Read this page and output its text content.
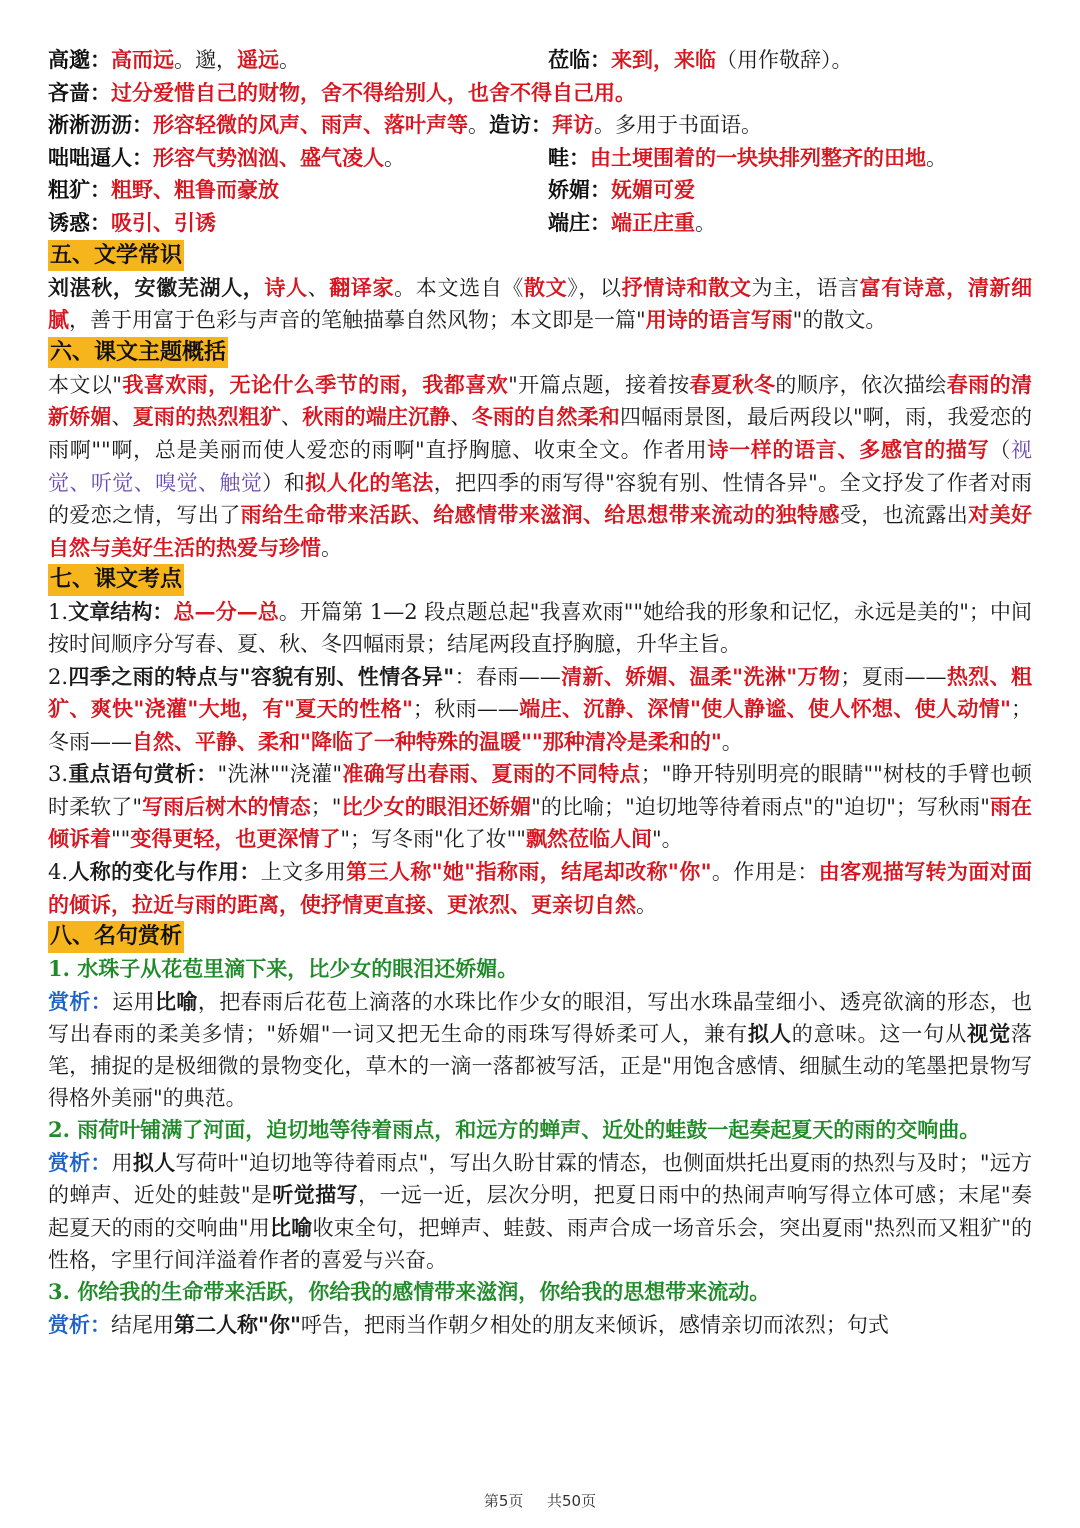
高邈：高而远。邈，遥远。	莅临：来到，来临（用作敬辞）。
吝啬：过分爱惜自己的财物，舍不得给别人，也舍不得自己用。
淅淅沥沥：形容轻微的风声、雨声、落叶声等。造访：拜访。多用于书面语。
咄咄逼人：形容气势汹汹、盛气凌人。	畦：由土埂围着的一块块排列整齐的田地。
粗犷：粗野、粗鲁而豪放	娇媚：妩媚可爱
诱惑：吸引、引诱	端庄：端正庄重。
五、文学常识
刘湛秋，安徽芜湖人，诗人、翻译家。本文选自《散文》，以抒情诗和散文为主，语言富有诗意，清新细腻，善于用富于色彩与声音的笔触描摹自然风物；本文即是一篇"用诗的语言写雨"的散文。
六、课文主题概括
本文以"我喜欢雨，无论什么季节的雨，我都喜欢"开篇点题，接着按春夏秋冬的顺序，依次描绘春雨的清新娇媚、夏雨的热烈粗犷、秋雨的端庄沉静、冬雨的自然柔和四幅雨景图，最后两段以"啊，雨，我爱恋的雨啊""啊，总是美丽而使人爱恋的雨啊"直抒胸臆、收束全文。作者用诗一样的语言、多感官的描写（视觉、听觉、嗅觉、触觉）和拟人化的笔法，把四季的雨写得"容貌有别、性情各异"。全文抒发了作者对雨的爱恋之情，写出了雨给生命带来活跃、给感情带来滋润、给思想带来流动的独特感受，也流露出对美好自然与美好生活的热爱与珍惜。
七、课文考点
1.文章结构：总—分—总。开篇第 1—2 段点题总起"我喜欢雨""她给我的形象和记忆，永远是美的"；中间按时间顺序分写春、夏、秋、冬四幅雨景；结尾两段直抒胸臆，升华主旨。
2.四季之雨的特点与"容貌有别、性情各异"：春雨——清新、娇媚、温柔"洗淋"万物；夏雨——热烈、粗犷、爽快"浇灌"大地，有"夏天的性格"；秋雨——端庄、沉静、深情"使人静谧、使人怀想、使人动情"；冬雨——自然、平静、柔和"降临了一种特殊的温暖""那种清冷是柔和的"。
3.重点语句赏析："洗淋""浇灌"准确写出春雨、夏雨的不同特点；"睁开特别明亮的眼睛""树枝的手臂也顿时柔软了"写雨后树木的情态；"比少女的眼泪还娇媚"的比喻；"迫切地等待着雨点"的"迫切"；写秋雨"雨在倾诉着""变得更轻，也更深情了"；写冬雨"化了妆""飘然莅临人间"。
4.人称的变化与作用：上文多用第三人称"她"指称雨，结尾却改称"你"。作用是：由客观描写转为面对面的倾诉，拉近与雨的距离，使抒情更直接、更浓烈、更亲切自然。
八、名句赏析
1. 水珠子从花苞里滴下来，比少女的眼泪还娇媚。
赏析：运用比喻，把春雨后花苞上滴落的水珠比作少女的眼泪，写出水珠晶莹细小、透亮欲滴的形态，也写出春雨的柔美多情；"娇媚"一词又把无生命的雨珠写得娇柔可人，兼有拟人的意味。这一句从视觉落笔，捕捉的是极细微的景物变化，草木的一滴一落都被写活，正是"用饱含感情、细腻生动的笔墨把景物写得格外美丽"的典范。
2. 雨荷叶铺满了河面，迫切地等待着雨点，和远方的蝉声、近处的蛙鼓一起奏起夏天的雨的交响曲。
赏析：用拟人写荷叶"迫切地等待着雨点"，写出久盼甘霖的情态，也侧面烘托出夏雨的热烈与及时；"远方的蝉声、近处的蛙鼓"是听觉描写，一远一近，层次分明，把夏日雨中的热闹声响写得立体可感；末尾"奏起夏天的雨的交响曲"用比喻收束全句，把蝉声、蛙鼓、雨声合成一场音乐会，突出夏雨"热烈而又粗犷"的性格，字里行间洋溢着作者的喜爱与兴奋。
3. 你给我的生命带来活跃，你给我的感情带来滋润，你给我的思想带来流动。
赏析：结尾用第二人称"你"呼告，把雨当作朝夕相处的朋友来倾诉，感情亲切而浓烈；句式
第5页 共50页
